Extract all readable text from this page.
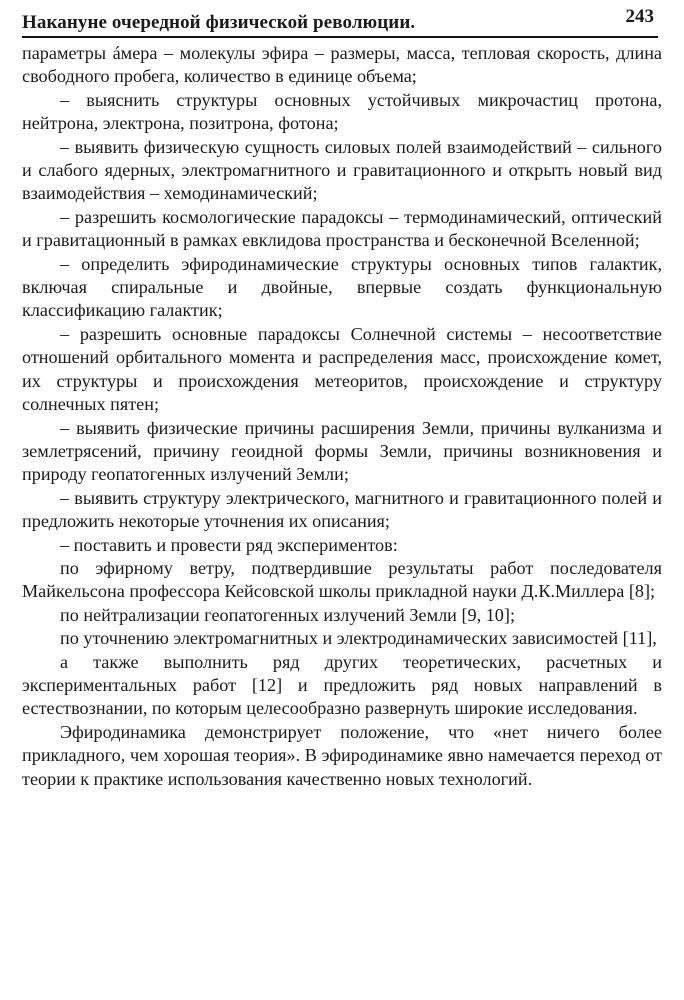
Накануне очередной физической революции.	243

параметры áмера – молекулы эфира – размеры, масса, тепловая скорость, длина свободного пробега, количество в единице объема;

– выяснить структуры основных устойчивых микрочастиц протона, нейтрона, электрона, позитрона, фотона;

– выявить физическую сущность силовых полей взаимодействий – сильного и слабого ядерных, электромагнитного и гравитационного и открыть новый вид взаимодействия – хемодинамический;

– разрешить космологические парадоксы – термодинамический, оптический и гравитационный в рамках евклидова пространства и бесконечной Вселенной;

– определить эфиродинамические структуры основных типов галактик, включая спиральные и двойные, впервые создать функциональную классификацию галактик;

– разрешить основные парадоксы Солнечной системы – несоответствие отношений орбитального момента и распределения масс, происхождение комет, их структуры и происхождения метеоритов, происхождение и структуру солнечных пятен;

– выявить физические причины расширения Земли, причины вулканизма и землетрясений, причину геоидной формы Земли, причины возникновения и природу геопатогенных излучений Земли;

– выявить структуру электрического, магнитного и гравитационного полей и предложить некоторые уточнения их описания;

– поставить и провести ряд экспериментов:

по эфирному ветру, подтвердившие результаты работ последователя Майкельсона профессора Кейсовской школы прикладной науки Д.К.Миллера [8];

по нейтрализации геопатогенных излучений Земли [9, 10];

по уточнению электромагнитных и электродинамических зависимостей [11],

а также выполнить ряд других теоретических, расчетных и экспериментальных работ [12] и предложить ряд новых направлений в естествознании, по которым целесообразно развернуть широкие исследования.

Эфиродинамика демонстрирует положение, что «нет ничего более прикладного, чем хорошая теория». В эфиродинамике явно намечается переход от теории к практике использования качественно новых технологий.
